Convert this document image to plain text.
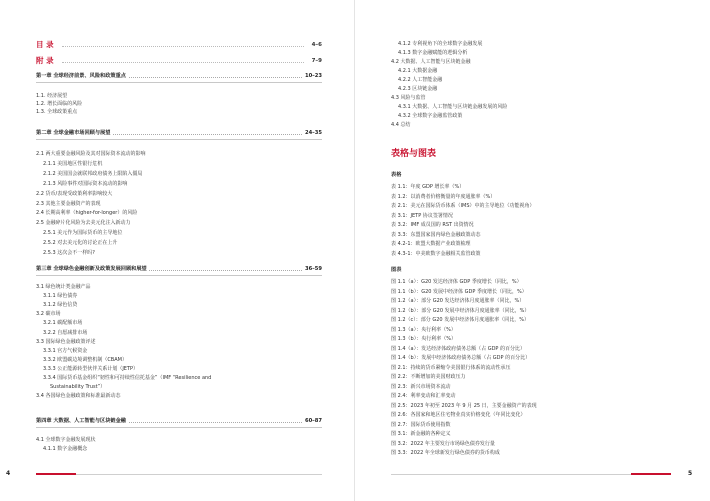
目 录	4–6
附 录	7–9
第一章 全球经济前景、风险和政策重点	10–23
1.1. 经济展望
1.2. 增长面临的风险
1.3. 全球政策重点
第二章 全球金融市场回顾与展望	24–35
2.1 两大重要金融风险及其对国际资本流动的影响
2.1.1 美国地区性银行危机
2.1.2 美国国会就联邦政府债务上限陷入僵局
2.1.3 风险事件对国际资本流动的影响
2.2 货币/表现受政策利率影响较大
2.3 其他主要金融资产的表现
2.4 长期高利率（higher-for-longer）的风险
2.5 金融碎片化风险为去美元化注入新动力
2.5.1 美元作为国际货币的主导地位
2.5.2 对去美元化的讨论正在上升
2.5.3 这次会不一样吗?
第三章 全球绿色金融创新及政策发展回顾和展望	36–59
3.1 绿色统计类金融产品
3.1.1 绿色债券
3.1.2 绿色信贷
3.2 碳市场
3.2.1 碳配额市场
3.2.2 自愿减排市场
3.3 国际绿色金融政策评述
3.3.1 官方气候资金
3.3.2 欧盟碳边境调整机制（CBAM）
3.3.3 公正能源转型伙伴关系计划（JETP）
3.3.4 国际货币基金组织“韧性和可持续性信托基金”（IMF “Resilience and
Sustainability Trust”）
3.4 各国绿色金融政策和标准最新动态
第四章 大数据、人工智能与区块链金融	60–87
4.1 全球数字金融发展现状
4.1.1 数字金融概念
4
4.1.2 专利视角下的全球数字金融发展
4.1.3 数字金融赋能的逻辑分析
4.2 大数据、人工智能与区块链金融
4.2.1 大数据金融
4.2.2 人工智能金融
4.2.3 区块链金融
4.3 风险与监管
4.3.1 大数据、人工智能与区块链金融发展的风险
4.3.2 全球数字金融监管政策
4.4 总结
表格与图表
表格
表 1.1：年度 GDP 增长率（%）
表 1.2：以消费者价格衡量的年度通胀率（%）
表 2.1：美元在国际货币体系（IMS）中的主导地位（功能视角）
表 3.1：JETP 协议签署情况
表 3.2：IMF 成员国的 RST 出资情况
表 3.3：东盟国家国内绿色金融政策动态
表 4.2-1：欧盟大数据产业政策梳理
表 4.3-1：中美欧数字金融相关监管政策
图表
图 1.1（a）：G20 发达经济体 GDP 季度增长（同比，%）
图 1.1（b）：G20 发展中经济体 GDP 季度增长（同比，%）
图 1.2（a）：部分 G20 发达经济体月度通胀率（同比，%）
图 1.2（b）：部分 G20 发展中经济体月度通胀率（同比，%）
图 1.2（c）：部分 G20 发展中经济体月度通胀率（同比，%）
图 1.3（a）：央行利率（%）
图 1.3（b）：央行利率（%）
图 1.4（a）：发达经济体政府债务总额（占 GDP 的百分比）
图 1.4（b）：发展中经济体政府债务总额（占 GDP 的百分比）
图 2.1：持续的货币紧缩令美国银行体系的流动性承压
图 2.2：不断增加的美国财政压力
图 2.3：新兴市场资本流动
图 2.4：利率变动和汇率变动
图 2.5：2023 年初至 2023 年 9 月 25 日，主要金融资产的表现
图 2.6：各国家和地区住宅物业真实价格变化（年同比变化）
图 2.7：国际货币使用指数
图 3.1：新金融的各种定义
图 3.2：2022 年主要发行市场绿色债券发行量
图 3.3：2022 年全球新发行绿色债券的货币构成
5
